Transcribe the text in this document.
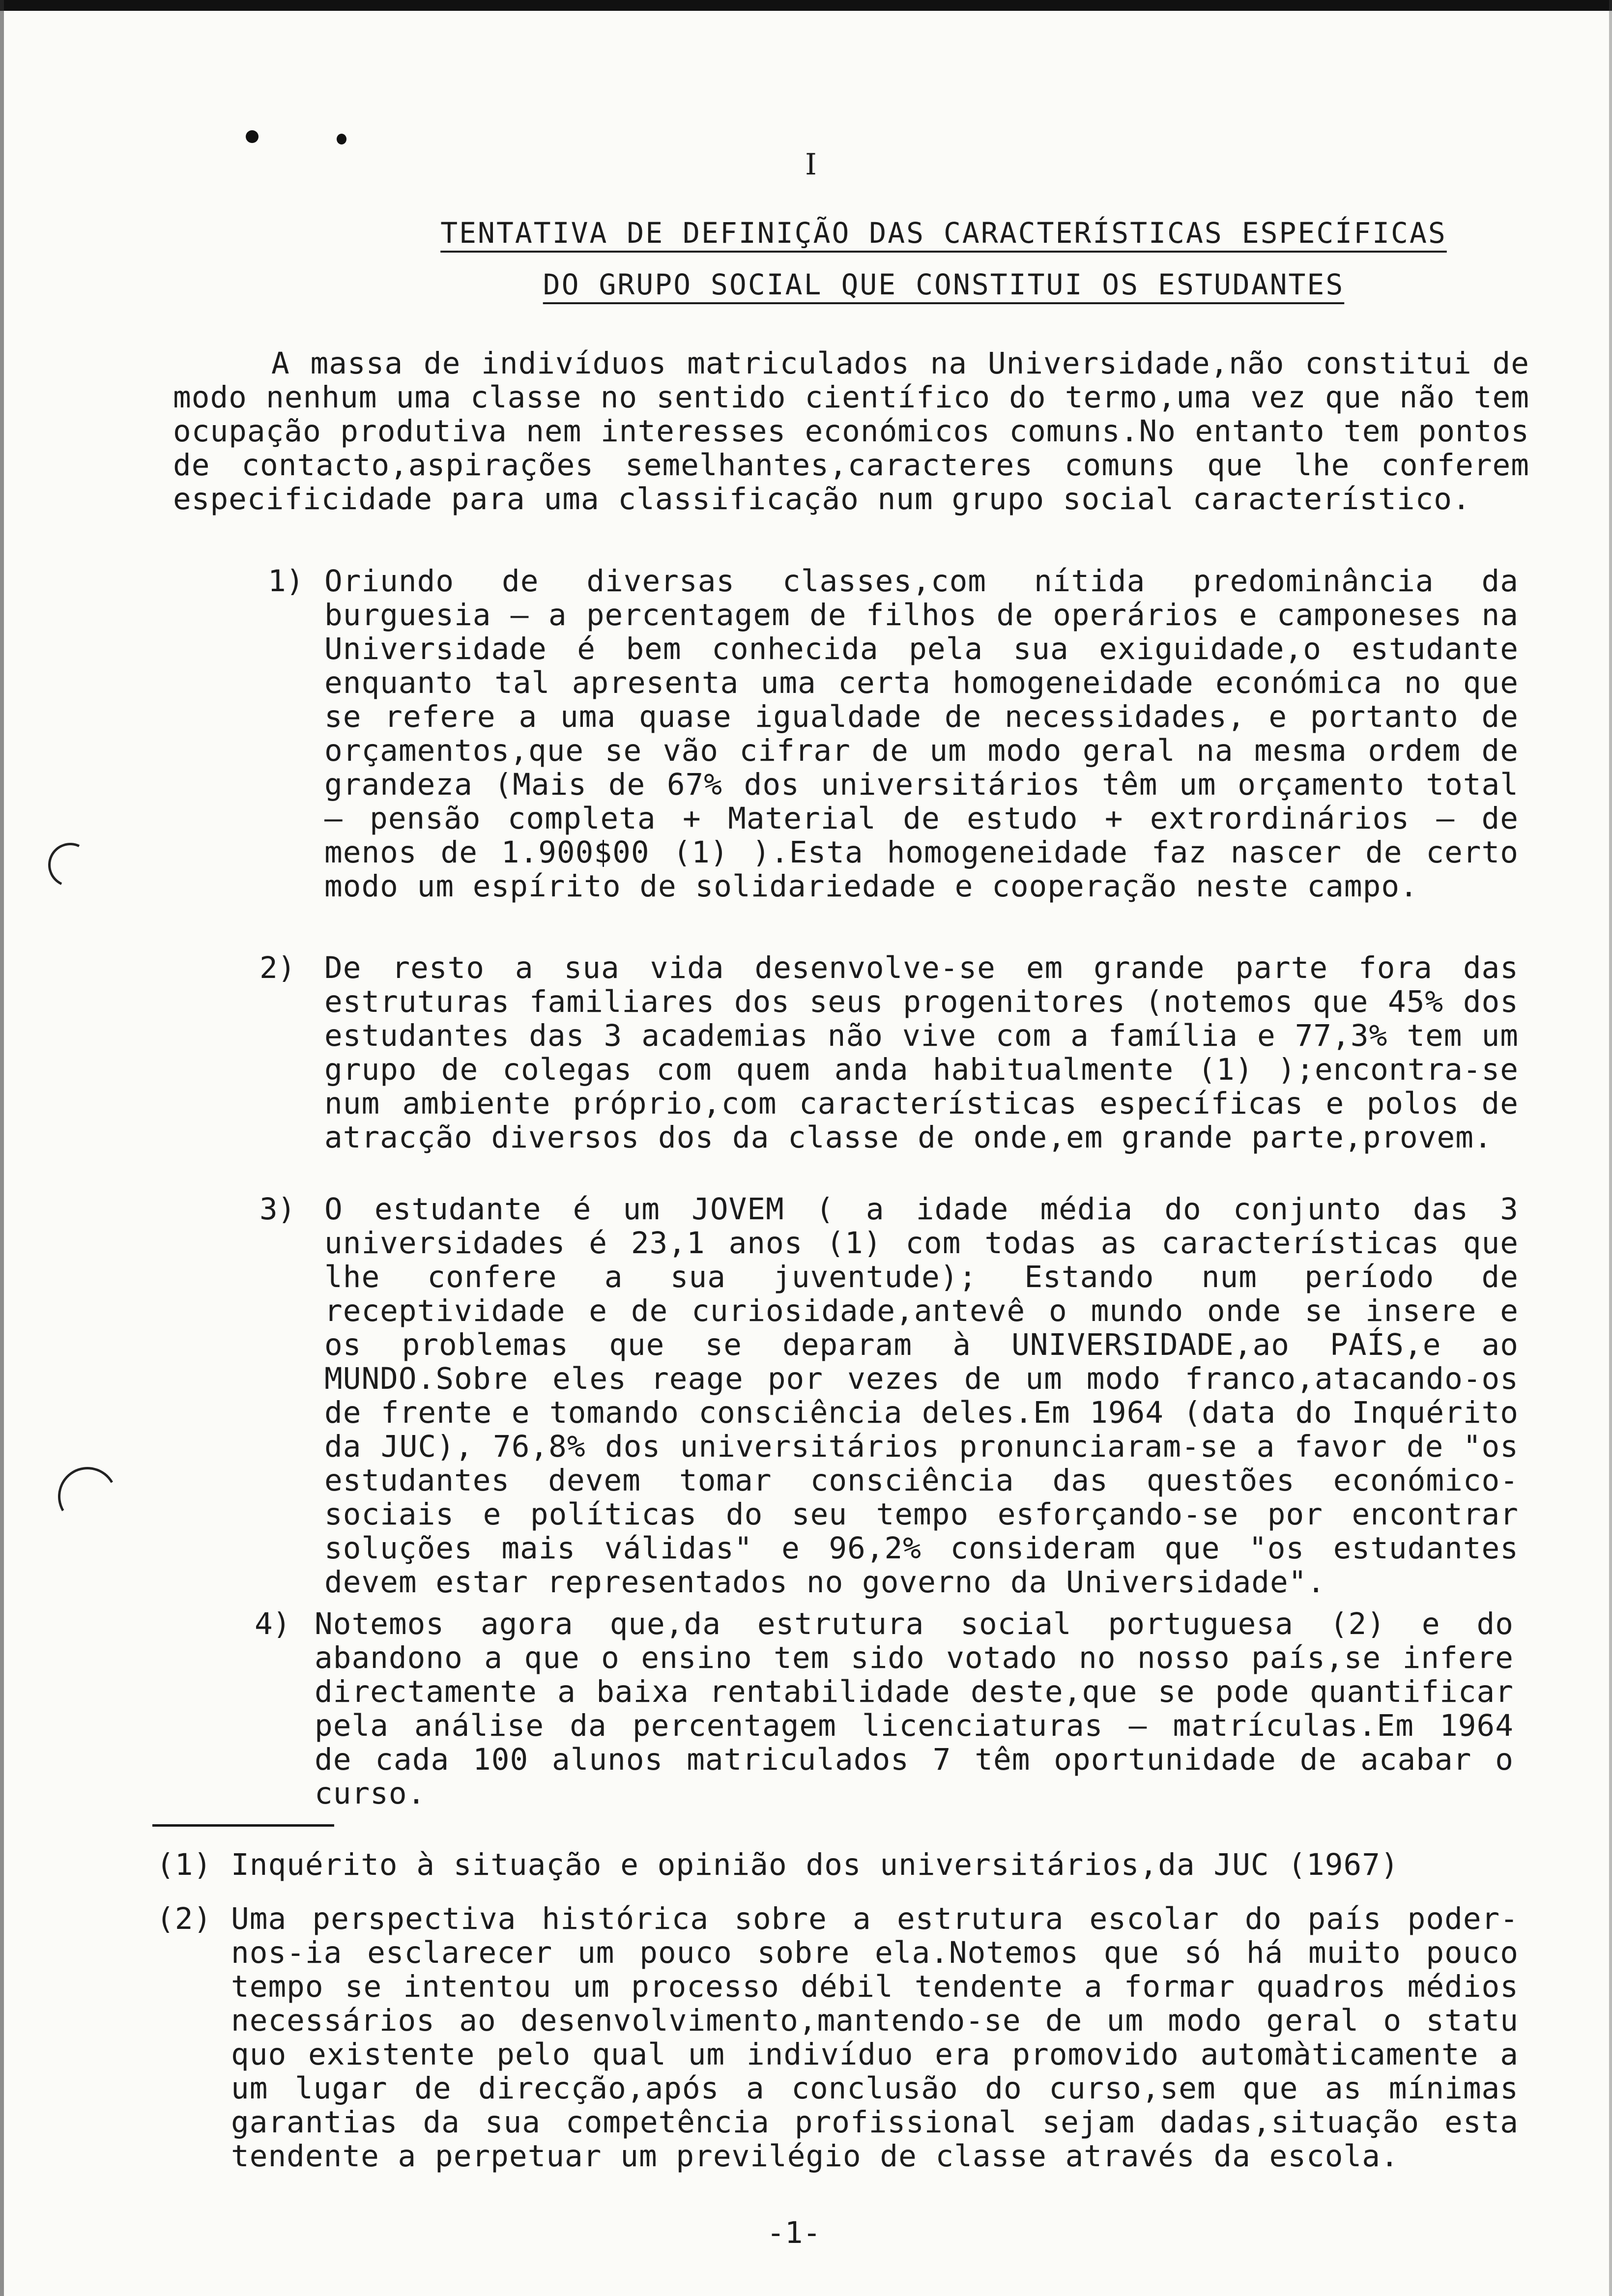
I
TENTATIVA DE DEFINIÇÃO DAS CARACTERÍSTICAS ESPECÍFICAS
DO GRUPO SOCIAL QUE CONSTITUI OS ESTUDANTES
A massa de indivíduos matriculados na Universidade,não constitui de modo nenhum uma classe no sentido científico do termo,uma vez que não tem ocupação produtiva nem interesses económicos comuns.No entanto tem pontos de contacto,aspirações semelhantes,caracteres comuns que lhe conferem especificidade para uma classificação num grupo social característico.
1) Oriundo de diversas classes,com nítida predominância da burguesia — a percentagem de filhos de operários e camponeses na Universidade é bem conhecida pela sua exiguidade,o estudante enquanto tal apresenta uma certa homogeneidade económica no que se refere a uma quase igualdade de necessidades, e portanto de orçamentos,que se vão cifrar de um modo geral na mesma ordem de grandeza (Mais de 67% dos universitários têm um orçamento total — pensão completa + Material de estudo + extrordinários — de menos de 1.900$00 (1) ).Esta homogeneidade faz nascer de certo modo um espírito de solidariedade e cooperação neste campo.
2) De resto a sua vida desenvolve-se em grande parte fora das estruturas familiares dos seus progenitores (notemos que 45% dos estudantes das 3 academias não vive com a família e 77,3% tem um grupo de colegas com quem anda habitualmente (1) );encontra-se num ambiente próprio,com características específicas e polos de atracção diversos dos da classe de onde,em grande parte,provem.
3) O estudante é um JOVEM ( a idade média do conjunto das 3 universidades é 23,1 anos (1) com todas as características que lhe confere a sua juventude); Estando num período de receptividade e de curiosidade,antevê o mundo onde se insere e os problemas que se deparam à UNIVERSIDADE,ao PAÍS,e ao MUNDO.Sobre eles reage por vezes de um modo franco,atacando-os de frente e tomando consciência deles.Em 1964 (data do Inquérito da JUC), 76,8% dos universitários pronunciaram-se a favor de "os estudantes devem tomar consciência das questões económico-sociais e políticas do seu tempo esforçando-se por encontrar soluções mais válidas" e 96,2% consideram que "os estudantes devem estar representados no governo da Universidade".
4) Notemos agora que,da estrutura social portuguesa (2) e do abandono a que o ensino tem sido votado no nosso país,se infere directamente a baixa rentabilidade deste,que se pode quantificar pela análise da percentagem licenciaturas — matrículas.Em 1964 de cada 100 alunos matriculados 7 têm oportunidade de acabar o curso.
(1) Inquérito à situação e opinião dos universitários,da JUC (1967)
(2) Uma perspectiva histórica sobre a estrutura escolar do país poder-nos-ia esclarecer um pouco sobre ela.Notemos que só há muito pouco tempo se intentou um processo débil tendente a formar quadros médios necessários ao desenvolvimento,mantendo-se de um modo geral o statu quo existente pelo qual um indivíduo era promovido automàticamente a um lugar de direcção,após a conclusão do curso,sem que as mínimas garantias da sua competência profissional sejam dadas,situação esta tendente a perpetuar um previlégio de classe através da escola.
-1-
